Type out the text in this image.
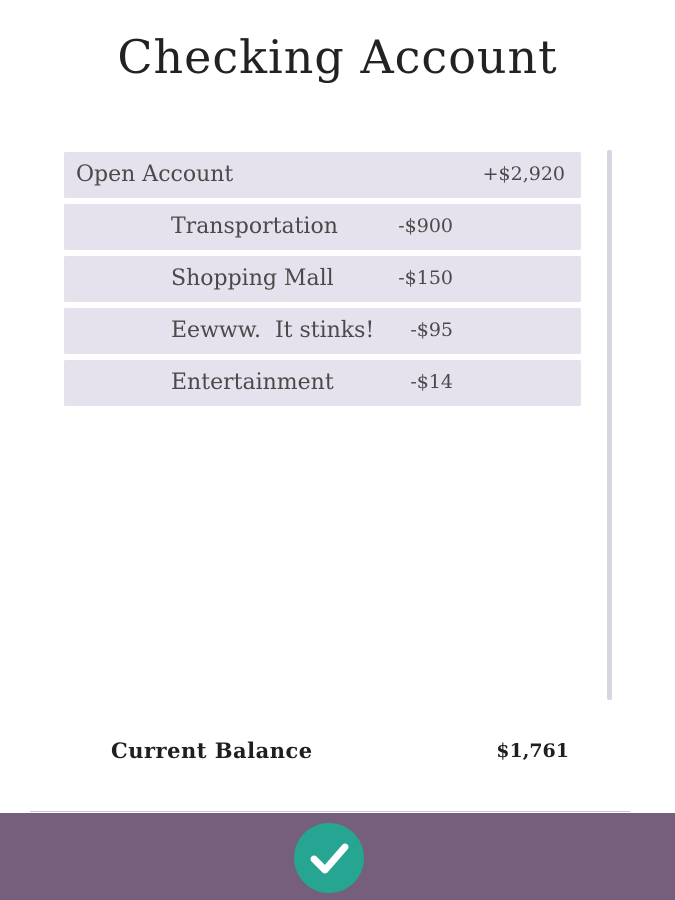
Checking Account
Open Account	+$2,920
Transportation	-$900
Shopping Mall	-$150
Eewww.  It stinks! -$95
Entertainment	-$14
Current Balance	$1,761
